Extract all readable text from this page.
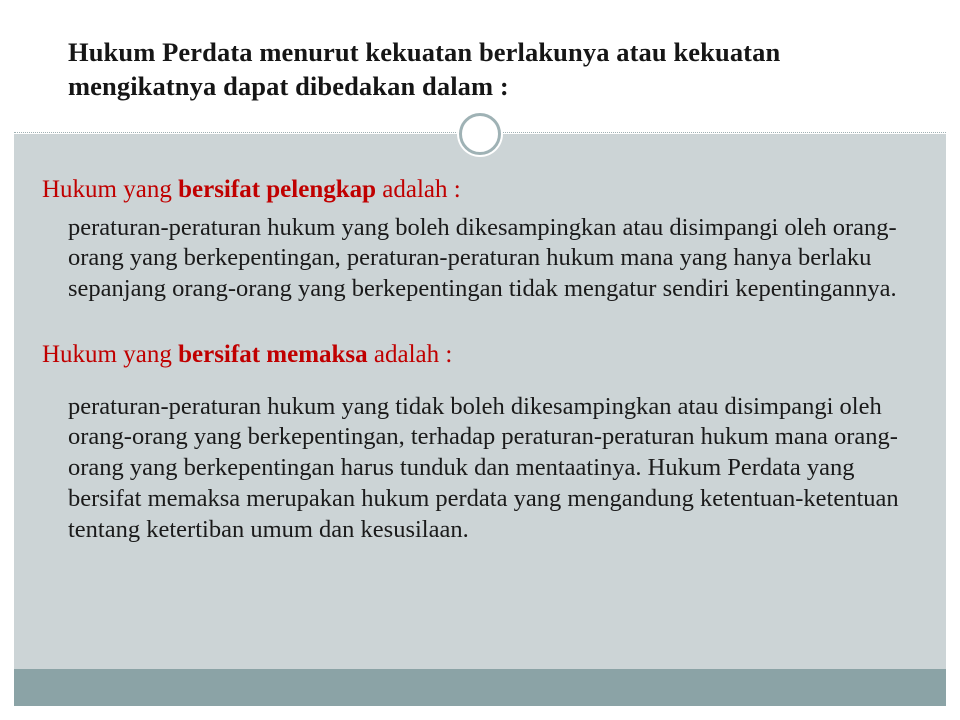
Hukum Perdata menurut kekuatan berlakunya atau kekuatan mengikatnya dapat dibedakan dalam :
Hukum yang bersifat pelengkap adalah :
peraturan-peraturan hukum yang boleh dikesampingkan atau disimpangi oleh orang-orang yang berkepentingan, peraturan-peraturan hukum mana yang hanya berlaku sepanjang orang-orang yang berkepentingan tidak mengatur sendiri kepentingannya.
Hukum yang bersifat memaksa adalah :
peraturan-peraturan hukum yang tidak boleh dikesampingkan atau disimpangi oleh orang-orang yang berkepentingan, terhadap peraturan-peraturan hukum mana orang-orang yang berkepentingan harus tunduk dan mentaatinya. Hukum Perdata yang bersifat memaksa merupakan hukum perdata yang mengandung ketentuan-ketentuan tentang ketertiban umum dan kesusilaan.
